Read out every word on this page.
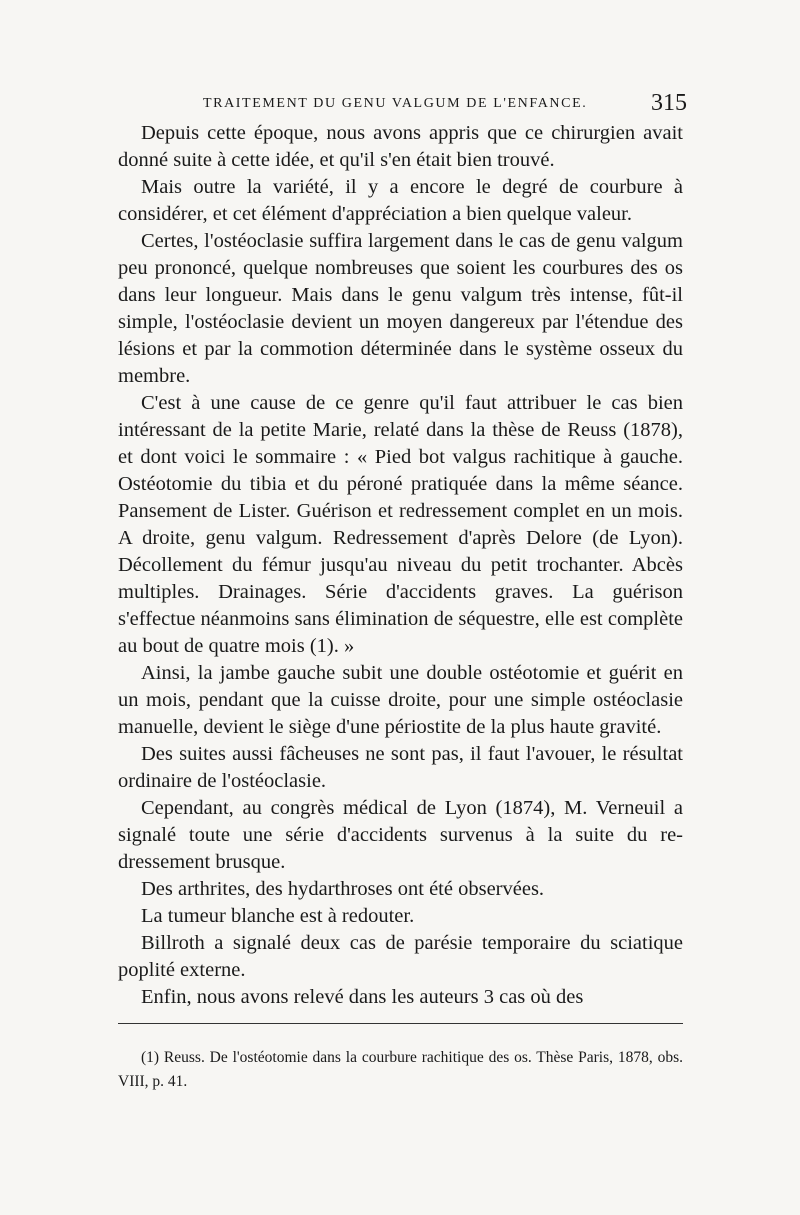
TRAITEMENT DU GENU VALGUM DE L'ENFANCE.	315

Depuis cette époque, nous avons appris que ce chirurgien avait donné suite à cette idée, et qu'il s'en était bien trouvé.

Mais outre la variété, il y a encore le degré de courbure à considérer, et cet élément d'appréciation a bien quelque valeur.

Certes, l'ostéoclasie suffira largement dans le cas de genu valgum peu prononcé, quelque nombreuses que soient les courbures des os dans leur longueur. Mais dans le genu valgum très intense, fût-il simple, l'ostéoclasie devient un moyen dangereux par l'étendue des lésions et par la commotion déterminée dans le système osseux du membre.

C'est à une cause de ce genre qu'il faut attribuer le cas bien intéressant de la petite Marie, relaté dans la thèse de Reuss (1878), et dont voici le sommaire : « Pied bot valgus rachitique à gauche. Ostéotomie du tibia et du péroné pratiquée dans la même séance. Pansement de Lister. Guérison et redressement complet en un mois. A droite, genu valgum. Redressement d'après Delore (de Lyon). Décollement du fémur jusqu'au niveau du petit trochanter. Abcès multiples. Drainages. Série d'accidents graves. La guérison s'effectue néanmoins sans élimination de séquestre, elle est complète au bout de quatre mois (1). »

Ainsi, la jambe gauche subit une double ostéotomie et guérit en un mois, pendant que la cuisse droite, pour une simple ostéoclasie manuelle, devient le siège d'une périostite de la plus haute gravité.

Des suites aussi fâcheuses ne sont pas, il faut l'avouer, le résultat ordinaire de l'ostéoclasie.

Cependant, au congrès médical de Lyon (1874), M. Verneuil a signalé toute une série d'accidents survenus à la suite du redressement brusque.

Des arthrites, des hydarthroses ont été observées.

La tumeur blanche est à redouter.

Billroth a signalé deux cas de parésie temporaire du sciatique poplité externe.

Enfin, nous avons relevé dans les auteurs 3 cas où des

(1) Reuss. De l'ostéotomie dans la courbure rachitique des os. Thèse Paris, 1878, obs. VIII, p. 41.
